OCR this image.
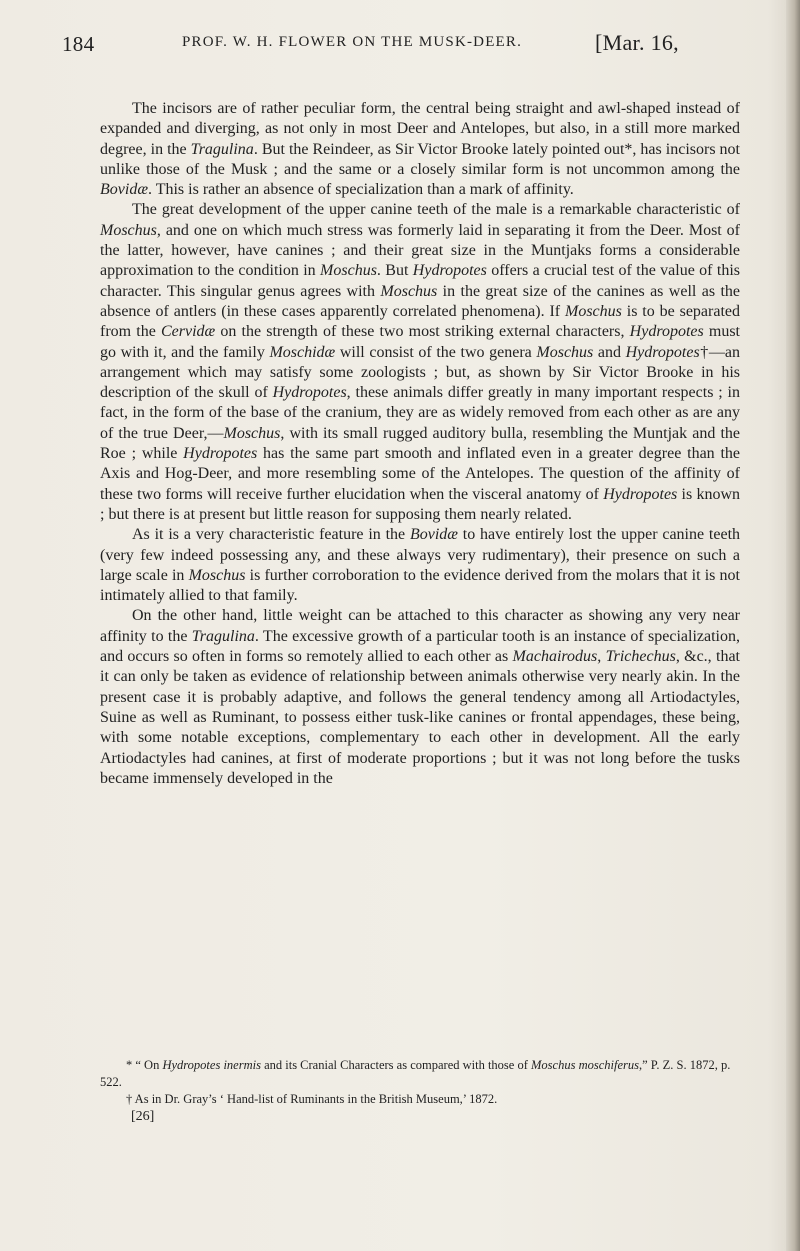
184	PROF. W. H. FLOWER ON THE MUSK-DEER.	[Mar. 16,

The incisors are of rather peculiar form, the central being straight and awl-shaped instead of expanded and diverging, as not only in most Deer and Antelopes, but also, in a still more marked degree, in the Tragulina. But the Reindeer, as Sir Victor Brooke lately pointed out*, has incisors not unlike those of the Musk ; and the same or a closely similar form is not uncommon among the Bovidæ. This is rather an absence of specialization than a mark of affinity.

The great development of the upper canine teeth of the male is a remarkable characteristic of Moschus, and one on which much stress was formerly laid in separating it from the Deer. Most of the latter, however, have canines ; and their great size in the Muntjaks forms a considerable approximation to the condition in Moschus. But Hydropotes offers a crucial test of the value of this character. This singular genus agrees with Moschus in the great size of the canines as well as the absence of antlers (in these cases apparently correlated phenomena). If Moschus is to be separated from the Cervidæ on the strength of these two most striking external characters, Hydropotes must go with it, and the family Moschidæ will consist of the two genera Moschus and Hydropotes†—an arrangement which may satisfy some zoologists ; but, as shown by Sir Victor Brooke in his description of the skull of Hydropotes, these animals differ greatly in many important respects ; in fact, in the form of the base of the cranium, they are as widely removed from each other as are any of the true Deer,—Moschus, with its small rugged auditory bulla, resembling the Muntjak and the Roe ; while Hydropotes has the same part smooth and inflated even in a greater degree than the Axis and Hog-Deer, and more resembling some of the Antelopes. The question of the affinity of these two forms will receive further elucidation when the visceral anatomy of Hydropotes is known ; but there is at present but little reason for supposing them nearly related.

As it is a very characteristic feature in the Bovidæ to have entirely lost the upper canine teeth (very few indeed possessing any, and these always very rudimentary), their presence on such a large scale in Moschus is further corroboration to the evidence derived from the molars that it is not intimately allied to that family.

On the other hand, little weight can be attached to this character as showing any very near affinity to the Tragulina. The excessive growth of a particular tooth is an instance of specialization, and occurs so often in forms so remotely allied to each other as Machairodus, Trichechus, &c., that it can only be taken as evidence of relationship between animals otherwise very nearly akin. In the present case it is probably adaptive, and follows the general tendency among all Artiodactyles, Suine as well as Ruminant, to possess either tusk-like canines or frontal appendages, these being, with some notable exceptions, complementary to each other in development. All the early Artiodactyles had canines, at first of moderate proportions ; but it was not long before the tusks became immensely developed in the

* “ On Hydropotes inermis and its Cranial Characters as compared with those of Moschus moschiferus,” P. Z. S. 1872, p. 522.

† As in Dr. Gray’s ‘ Hand-list of Ruminants in the British Museum,’ 1872.

[26]
